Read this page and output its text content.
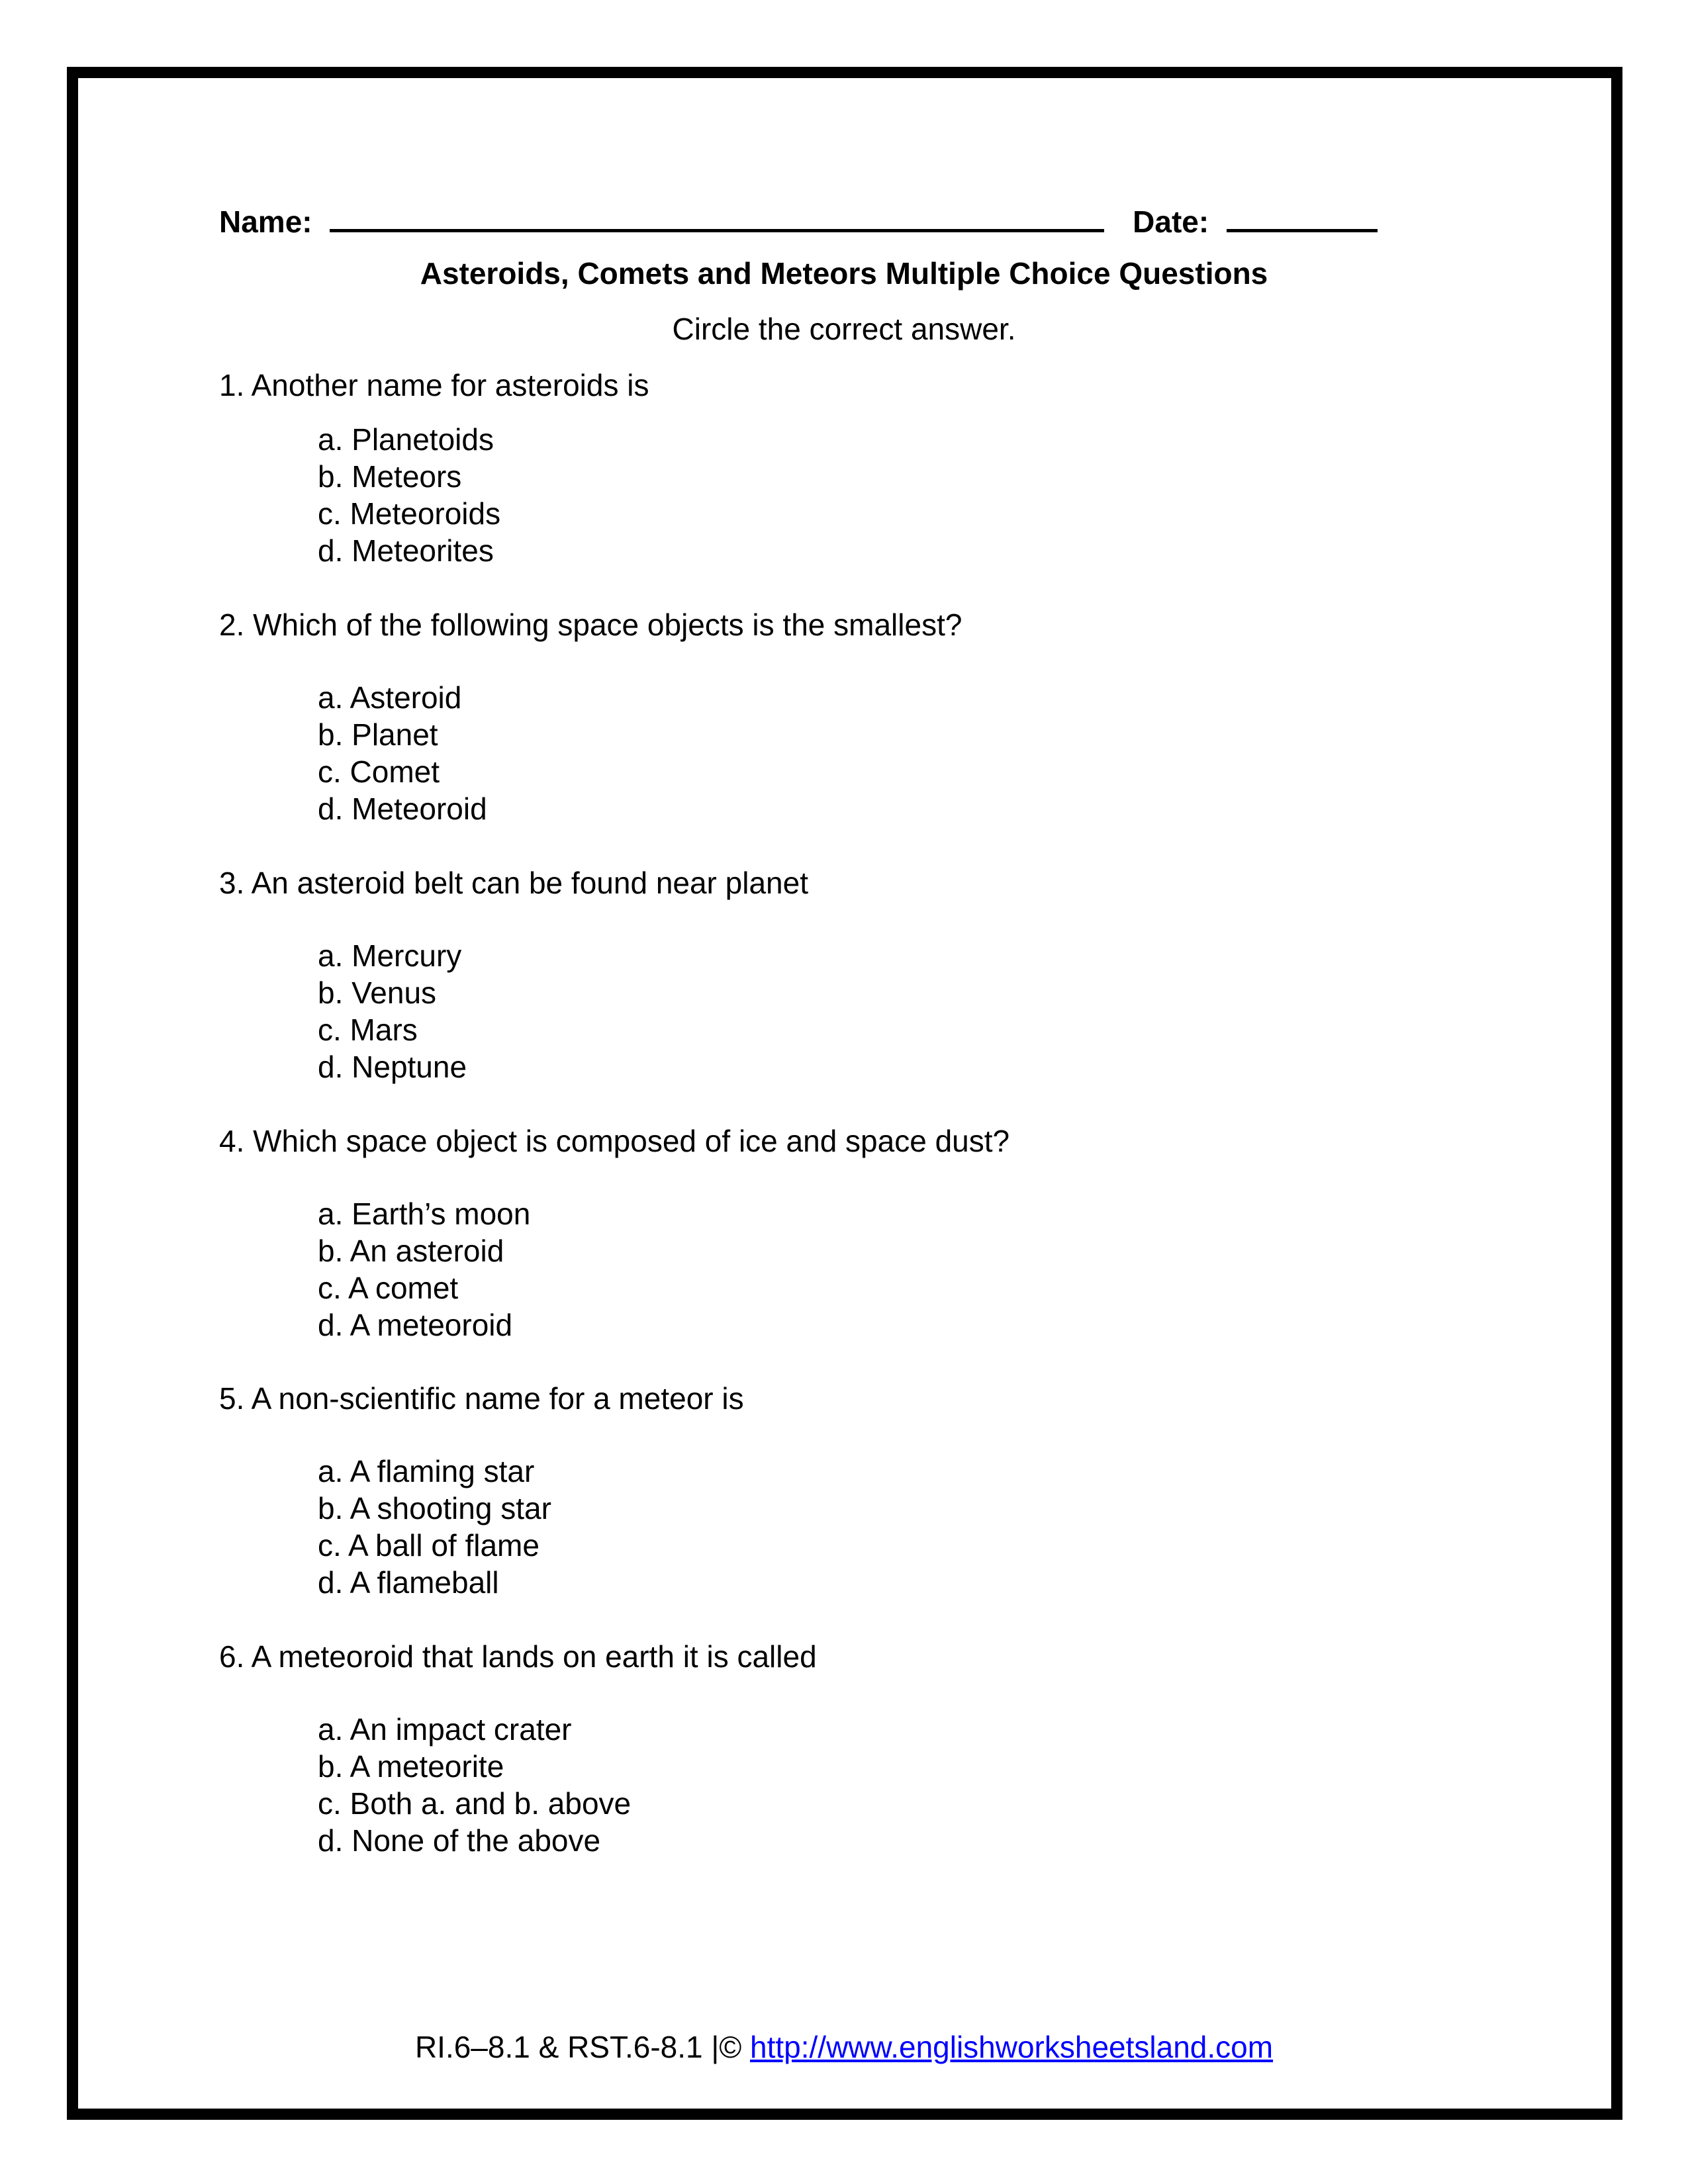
Name:	Date:
Asteroids, Comets and Meteors Multiple Choice Questions
Circle the correct answer.
1. Another name for asteroids is
a. Planetoids
b. Meteors
c. Meteoroids
d. Meteorites
2. Which of the following space objects is the smallest?
a. Asteroid
b. Planet
c. Comet
d. Meteoroid
3. An asteroid belt can be found near planet
a. Mercury
b. Venus
c. Mars
d. Neptune
4. Which space object is composed of ice and space dust?
a. Earth’s moon
b. An asteroid
c. A comet
d. A meteoroid
5. A non-scientific name for a meteor is
a. A flaming star
b. A shooting star
c. A ball of flame
d. A flameball
6. A meteoroid that lands on earth it is called
a. An impact crater
b. A meteorite
c. Both a. and b. above
d. None of the above
RI.6–8.1 & RST.6-8.1 |© http://www.englishworksheetsland.com
